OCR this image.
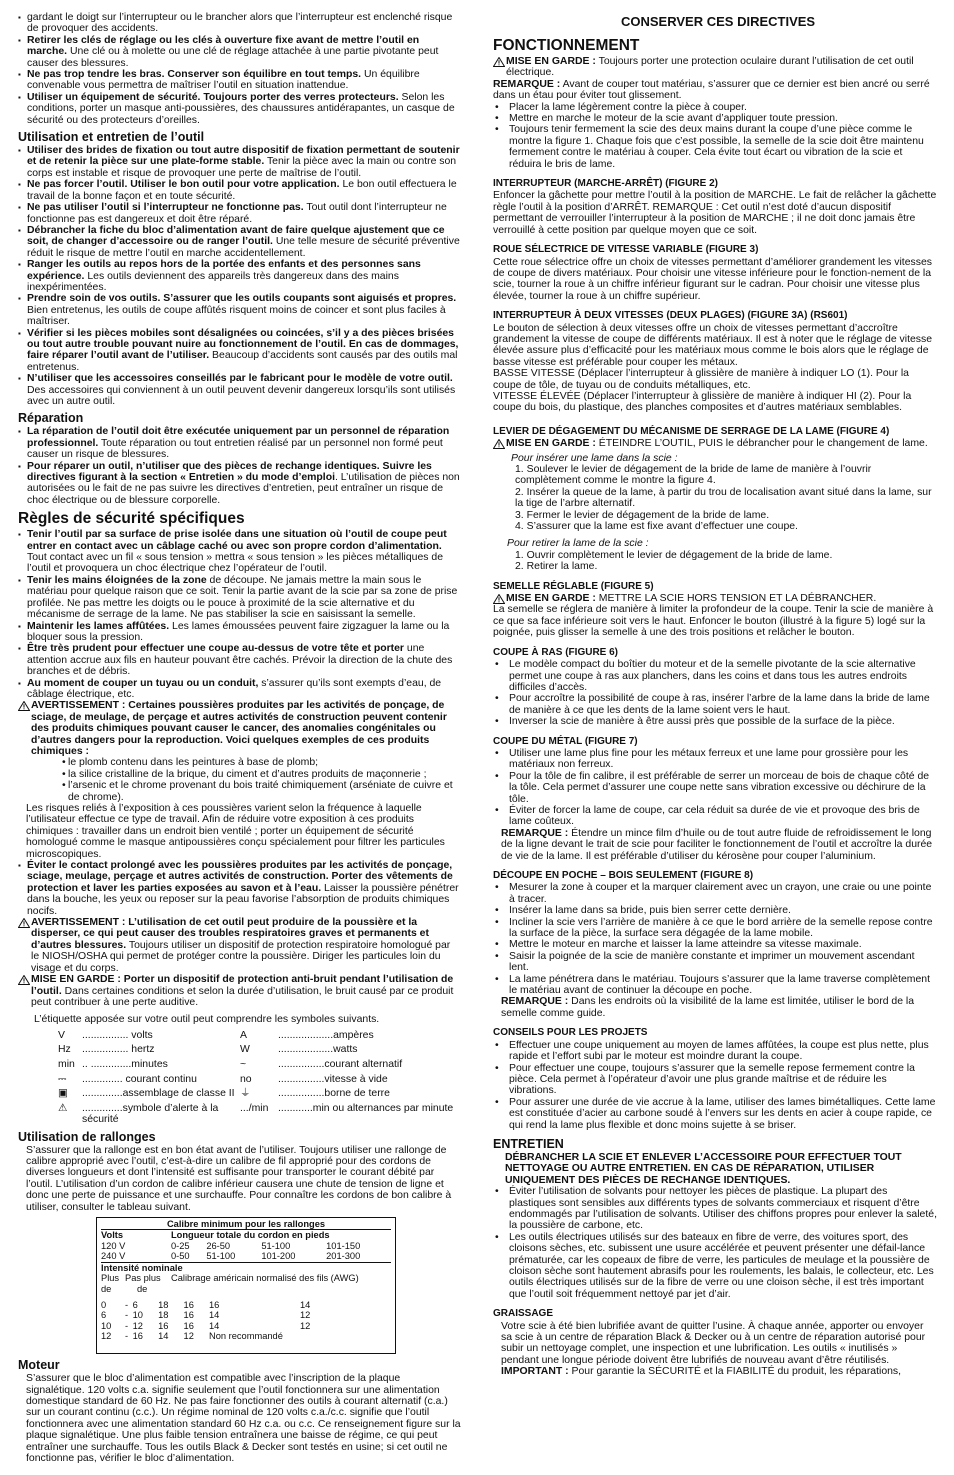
▪ gardant le doigt sur l’interrupteur ou le brancher alors que l’interrupteur est enclenché risque de provoquer des accidents.
▪ Retirer les clés de réglage ou les clés à ouverture fixe avant de mettre l’outil en marche. Une clé ou à molette ou une clé de réglage attachée à une partie pivotante peut causer des blessures.
▪ Ne pas trop tendre les bras. Conserver son équilibre en tout temps. Un équilibre convenable vous permettra de maîtriser l’outil en situation inattendue.
▪ Utiliser un équipement de sécurité. Toujours porter des verres protecteurs. Selon les conditions, porter un masque anti-poussières, des chaussures antidérapantes, un casque de sécurité ou des protecteurs d’oreilles.
Utilisation et entretien de l’outil
▪ Utiliser des brides de fixation ou tout autre dispositif de fixation permettant de soutenir et de retenir la pièce sur une plate-forme stable. Tenir la pièce avec la main ou contre son corps est instable et risque de provoquer une perte de maîtrise de l’outil.
▪ Ne pas forcer l’outil. Utiliser le bon outil pour votre application. Le bon outil effectuera le travail de la bonne façon et en toute sécurité.
▪ Ne pas utiliser l’outil si l’interrupteur ne fonctionne pas. Tout outil dont l’interrupteur ne fonctionne pas est dangereux et doit être réparé.
▪ Débrancher la fiche du bloc d’alimentation avant de faire quelque ajustement que ce soit, de changer d’accessoire ou de ranger l’outil. Une telle mesure de sécurité préventive réduit le risque de mettre l’outil en marche accidentellement.
▪ Ranger les outils au repos hors de la portée des enfants et des personnes sans expérience. Les outils deviennent des appareils très dangereux dans des mains inexpérimentées.
▪ Prendre soin de vos outils. S’assurer que les outils coupants sont aiguisés et propres. Bien entretenus, les outils de coupe affûtés risquent moins de coincer et sont plus faciles à maîtriser.
▪ Vérifier si les pièces mobiles sont désalignées ou coincées, s’il y a des pièces brisées ou tout autre trouble pouvant nuire au fonctionnement de l’outil. En cas de dommages, faire réparer l’outil avant de l’utiliser. Beaucoup d’accidents sont causés par des outils mal entretenus.
▪ N’utiliser que les accessoires conseillés par le fabricant pour le modèle de votre outil. Des accessoires qui conviennent à un outil peuvent devenir dangereux lorsqu’ils sont utilisés avec un autre outil.
Réparation
▪ La réparation de l’outil doit être exécutée uniquement par un personnel de réparation professionnel. Toute réparation ou tout entretien réalisé par un personnel non formé peut causer un risque de blessures.
▪ Pour réparer un outil, n’utiliser que des pièces de rechange identiques. Suivre les directives figurant à la section « Entretien » du mode d’emploi. L’utilisation de pièces non autorisées ou le fait de ne pas suivre les directives d’entretien, peut entraîner un risque de choc électrique ou de blessure corporelle.
Règles de sécurité spécifiques
▪ Tenir l’outil par sa surface de prise isolée dans une situation où l’outil de coupe peut entrer en contact avec un câblage caché ou avec son propre cordon d’alimentation. Tout contact avec un fil « sous tension » mettra « sous tension » les pièces métalliques de l’outil et provoquera un choc électrique chez l’opérateur de l’outil.
▪ Tenir les mains éloignées de la zone de découpe. Ne jamais mettre la main sous le matériau pour quelque raison que ce soit. Tenir la partie avant de la scie par sa zone de prise profilée. Ne pas mettre les doigts ou le pouce à proximité de la scie alternative et du mécanisme de serrage de la lame. Ne pas stabiliser la scie en saisissant la semelle.
▪ Maintenir les lames affûtées. Les lames émoussées peuvent faire zigzaguer la lame ou la bloquer sous la pression.
▪ Être très prudent pour effectuer une coupe au-dessus de votre tête et porter une attention accrue aux fils en hauteur pouvant être cachés. Prévoir la direction de la chute des branches et de débris.
▪ Au moment de couper un tuyau ou un conduit, s’assurer qu’ils sont exempts d’eau, de câblage électrique, etc.
AVERTISSEMENT : Certaines poussières produites par les activités de ponçage, de sciage, de meulage, de perçage et autres activités de construction peuvent contenir des produits chimiques pouvant causer le cancer, des anomalies congénitales ou d’autres dangers pour la reproduction. Voici quelques exemples de ces produits chimiques :
• le plomb contenu dans les peintures à base de plomb;
• la silice cristalline de la brique, du ciment et d’autres produits de maçonnerie ;
• l’arsenic et le chrome provenant du bois traité chimiquement (arséniate de cuivre et de chrome).

Les risques reliés à l’exposition à ces poussières varient selon la fréquence à laquelle l’utilisateur effectue ce type de travail. Afin de réduire votre exposition à ces produits chimiques : travailler dans un endroit bien ventilé ; porter un équipement de sécurité homologué comme le masque antipoussières conçu spécialement pour filtrer les particules microscopiques.

▪ Éviter le contact prolongé avec les poussières produites par les activités de ponçage, sciage, meulage, perçage et autres activités de construction. Porter des vêtements de protection et laver les parties exposées au savon et à l’eau. Laisser la poussière pénétrer dans la bouche, les yeux ou reposer sur la peau favorise l’absorption de produits chimiques nocifs.
AVERTISSEMENT : L’utilisation de cet outil peut produire de la poussière et la disperser, ce qui peut causer des troubles respiratoires graves et permanents et d’autres blessures. Toujours utiliser un dispositif de protection respiratoire homologué par le NIOSH/OSHA qui permet de protéger contre la poussière. Diriger les particules loin du visage et du corps.
MISE EN GARDE : Porter un dispositif de protection anti-bruit pendant l’utilisation de l’outil. Dans certaines conditions et selon la durée d’utilisation, le bruit causé par ce produit peut contribuer à une perte auditive.

L’étiquette apposée sur votre outil peut comprendre les symboles suivants.

V	................ volts	A	...................ampères
Hz	................ hertz	W	...................watts
min	.. ..............minutes	~	................courant alternatif
⎓	.............. courant continu	no	................vitesse à vide
▣	..............assemblage de classe II	⏚	................borne de terre
⚠	..............symbole d’alerte à la sécurité	.../min	............min ou alternances par minute
Utilisation de rallonges

S’assurer que la rallonge est en bon état avant de l’utiliser. Toujours utiliser une rallonge de calibre approprié avec l’outil, c’est-à-dire un calibre de fil approprié pour des cordons de diverses longueurs et dont l’intensité est suffisante pour transporter le courant débité par l’outil. L’utilisation d’un cordon de calibre inférieur causera une chute de tension de ligne et donc une perte de puissance et une surchauffe. Pour connaître les cordons de bon calibre à utiliser, consulter le tableau suivant.

Calibre minimum pour les rallonges
Volts	Longueur totale du cordon en pieds			
120 V	0-25	26-50	51-100	101-150
240 V	0-50	51-100	101-200	201-300
Intensité nominale						
Plus	Pas plus Calibrage américain normalisé des fils (AWG)					
de	de					

0	-	6	18	16	16	14
6	-	10	18	16	14	12
10	-	12	16	16	14	12
12	-	16	14	12	Non recommandé	
Moteur

S’assurer que le bloc d’alimentation est compatible avec l’inscription de la plaque signalétique. 120 volts c.a. signifie seulement que l’outil fonctionnera sur une alimentation domestique standard de 60 Hz. Ne pas faire fonctionner des outils à courant alternatif (c.a.) sur un courant continu (c.c.). Un régime nominal de 120 volts c.a./c.c. signifie que l’outil fonctionnera avec une alimentation standard 60 Hz c.a. ou c.c. Ce renseignement figure sur la plaque signalétique. Une plus faible tension entraînera une baisse de régime, ce qui peut entraîner une surchauffe. Tous les outils Black & Decker sont testés en usine; si cet outil ne fonctionne pas, vérifier le bloc d’alimentation.

CONSERVER CES DIRECTIVES
FONCTIONNEMENT
MISE EN GARDE : Toujours porter une protection oculaire durant l’utilisation de cet outil électrique.

REMARQUE : Avant de couper tout matériau, s’assurer que ce dernier est bien ancré ou serré dans un étau pour éviter tout glissement.

• Placer la lame légèrement contre la pièce à couper.
• Mettre en marche le moteur de la scie avant d’appliquer toute pression.
• Toujours tenir fermement la scie des deux mains durant la coupe d’une pièce comme le montre la figure 1. Chaque fois que c’est possible, la semelle de la scie doit être maintenu fermement contre le matériau à couper. Cela évite tout écart ou vibration de la scie et réduira le bris de lame.
INTERRUPTEUR (MARCHE-ARRÊT) (FIGURE 2)

Enfoncer la gâchette pour mettre l’outil à la position de MARCHE. Le fait de relâcher la gâchette règle l’outil à la position d’ARRÊT. REMARQUE : Cet outil n’est doté d’aucun dispositif permettant de verrouiller l’interrupteur à la position de MARCHE ; il ne doit donc jamais être verrouillé à cette position par quelque moyen que ce soit.

ROUE SÉLECTRICE DE VITESSE VARIABLE (FIGURE 3)

Cette roue sélectrice offre un choix de vitesses permettant d’améliorer grandement les vitesses de coupe de divers matériaux. Pour choisir une vitesse inférieure pour le fonction-nement de la scie, tourner la roue à un chiffre inférieur figurant sur le cadran. Pour choisir une vitesse plus élevée, tourner la roue à un chiffre supérieur.

INTERRUPTEUR À DEUX VITESSES (DEUX PLAGES) (FIGURE 3A) (RS601)

Le bouton de sélection à deux vitesses offre un choix de vitesses permettant d’accroître grandement la vitesse de coupe de différents matériaux. Il est à noter que le réglage de vitesse élevée assure plus d’efficacité pour les matériaux mous comme le bois alors que le réglage de basse vitesse est préférable pour couper les métaux.

BASSE VITESSE (Déplacer l’interrupteur à glissière de manière à indiquer LO (1). Pour la coupe de tôle, de tuyau ou de conduits métalliques, etc.

VITESSE ÉLEVÉE (Déplacer l’interrupteur à glissière de manière à indiquer HI (2). Pour la coupe du bois, du plastique, des planches composites et d’autres matériaux semblables.

LEVIER DE DÉGAGEMENT DU MÉCANISME DE SERRAGE DE LA LAME (FIGURE 4)
MISE EN GARDE : ÉTEINDRE L’OUTIL, PUIS le débrancher pour le changement de lame.

Pour insérer une lame dans la scie :

1. Soulever le levier de dégagement de la bride de lame de manière à l’ouvrir complètement comme le montre la figure 4.
2. Insérer la queue de la lame, à partir du trou de localisation avant situé dans la lame, sur la tige de l’arbre alternatif.
3. Fermer le levier de dégagement de la bride de lame.
4. S’assurer que la lame est fixe avant d’effectuer une coupe.

Pour retirer la lame de la scie :

1. Ouvrir complètement le levier de dégagement de la bride de lame.
2. Retirer la lame.
SEMELLE RÉGLABLE (FIGURE 5)
MISE EN GARDE : METTRE LA SCIE HORS TENSION ET LA DÉBRANCHER.

La semelle se réglera de manière à limiter la profondeur de la coupe. Tenir la scie de manière à ce que sa face inférieure soit vers le haut. Enfoncer le bouton (illustré à la figure 5) logé sur la poignée, puis glisser la semelle à une des trois positions et relâcher le bouton.

COUPE À RAS (FIGURE 6)
• Le modèle compact du boîtier du moteur et de la semelle pivotante de la scie alternative permet une coupe à ras aux planchers, dans les coins et dans tous les autres endroits difficiles d’accès.
• Pour accroître la possibilité de coupe à ras, insérer l’arbre de la lame dans la bride de lame de manière à ce que les dents de la lame soient vers le haut.
• Inverser la scie de manière à être aussi près que possible de la surface de la pièce.
COUPE DU MÉTAL (FIGURE 7)
• Utiliser une lame plus fine pour les métaux ferreux et une lame pour grossière pour les matériaux non ferreux.
• Pour la tôle de fin calibre, il est préférable de serrer un morceau de bois de chaque côté de la tôle. Cela permet d’assurer une coupe nette sans vibration excessive ou déchirure de la tôle.
• Éviter de forcer la lame de coupe, car cela réduit sa durée de vie et provoque des bris de lame coûteux.

REMARQUE : Étendre un mince film d’huile ou de tout autre fluide de refroidissement le long de la ligne devant le trait de scie pour faciliter le fonctionnement de l’outil et accroître la durée de vie de la lame. Il est préférable d’utiliser du kérosène pour couper l’aluminium.

DÉCOUPE EN POCHE – BOIS SEULEMENT (FIGURE 8)
• Mesurer la zone à couper et la marquer clairement avec un crayon, une craie ou une pointe à tracer.
• Insérer la lame dans sa bride, puis bien serrer cette dernière.
• Incliner la scie vers l’arrière de manière à ce que le bord arrière de la semelle repose contre la surface de la pièce, la surface sera dégagée de la lame mobile.
• Mettre le moteur en marche et laisser la lame atteindre sa vitesse maximale.
• Saisir la poignée de la scie de manière constante et imprimer un mouvement ascendant lent.
• La lame pénétrera dans le matériau. Toujours s’assurer que la lame traverse complètement le matériau avant de continuer la découpe en poche.

REMARQUE : Dans les endroits où la visibilité de la lame est limitée, utiliser le bord de la semelle comme guide.

CONSEILS POUR LES PROJETS
• Effectuer une coupe uniquement au moyen de lames affûtées, la coupe est plus nette, plus rapide et l’effort subi par le moteur est moindre durant la coupe.
• Pour effectuer une coupe, toujours s’assurer que la semelle repose fermement contre la pièce. Cela permet à l’opérateur d’avoir une plus grande maîtrise et de réduire les vibrations.
• Pour assurer une durée de vie accrue à la lame, utiliser des lames bimétalliques. Cette lame est constituée d’acier au carbone soudé à l’envers sur les dents en acier à coupe rapide, ce qui rend la lame plus flexible et donc moins sujette à se briser.
ENTRETIEN

DÉBRANCHER LA SCIE ET ENLEVER L’ACCESSOIRE POUR EFFECTUER TOUT NETTOYAGE OU AUTRE ENTRETIEN. EN CAS DE RÉPARATION, UTILISER UNIQUEMENT DES PIÈCES DE RECHANGE IDENTIQUES.

• Éviter l’utilisation de solvants pour nettoyer les pièces de plastique. La plupart des plastiques sont sensibles aux différents types de solvants commerciaux et risquent d’être endommagés par l’utilisation de solvants. Utiliser des chiffons propres pour enlever la saleté, la poussière de carbone, etc.
• Les outils électriques utilisés sur des bateaux en fibre de verre, des voitures sport, des cloisons sèches, etc. subissent une usure accélérée et peuvent présenter une défail-lance prématurée, car les copeaux de fibre de verre, les particules de meulage et la poussière de cloison sèche sont hautement abrasifs pour les roulements, les balais, le collecteur, etc. Les outils électriques utilisés sur de la fibre de verre ou une cloison sèche, il est très important que l’outil soit fréquemment nettoyé par jet d’air.
GRAISSAGE

Votre scie à été bien lubrifiée avant de quitter l’usine. À chaque année, apporter ou envoyer sa scie à un centre de réparation Black & Decker ou à un centre de réparation autorisé pour subir un nettoyage complet, une inspection et une lubrification. Les outils « inutilisés » pendant une longue période doivent être lubrifiés de nouveau avant d’être réutilisés.

IMPORTANT : Pour garantie la SÉCURITÉ et la FIABILITÉ du produit, les réparations,
